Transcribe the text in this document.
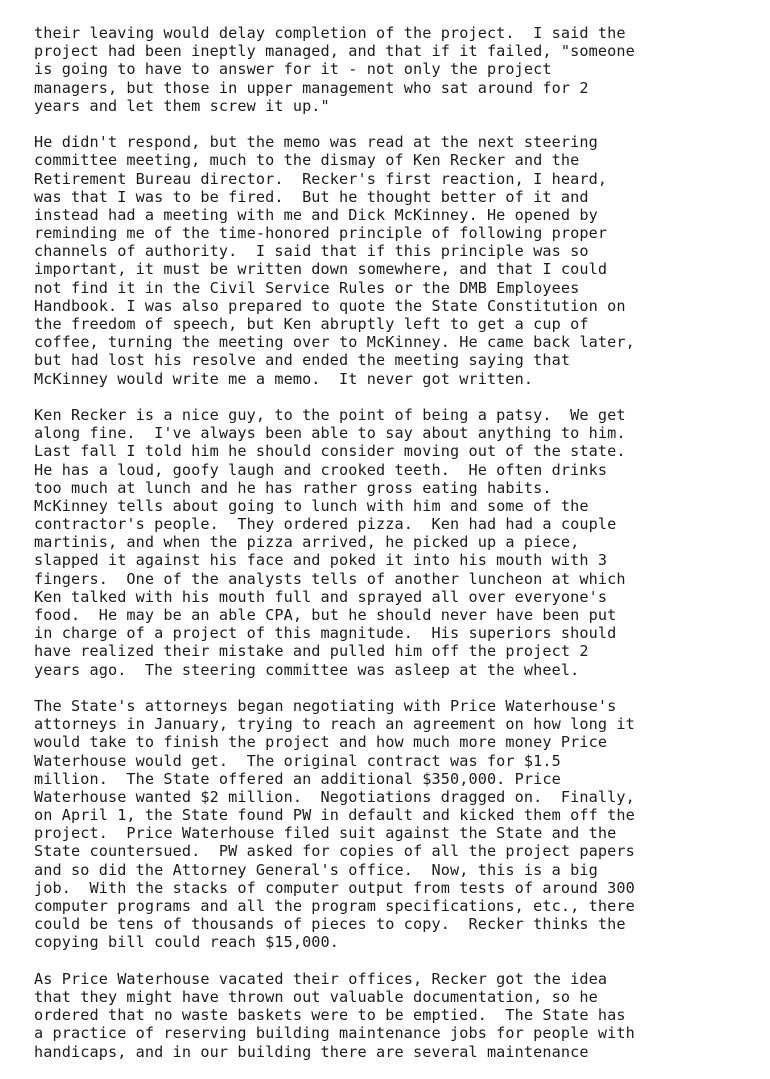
their leaving would delay completion of the project.  I said the
project had been ineptly managed, and that if it failed, "someone
is going to have to answer for it - not only the project
managers, but those in upper management who sat around for 2
years and let them screw it up."
He didn't respond, but the memo was read at the next steering
committee meeting, much to the dismay of Ken Recker and the
Retirement Bureau director.  Recker's first reaction, I heard,
was that I was to be fired.  But he thought better of it and
instead had a meeting with me and Dick McKinney. He opened by
reminding me of the time-honored principle of following proper
channels of authority.  I said that if this principle was so
important, it must be written down somewhere, and that I could
not find it in the Civil Service Rules or the DMB Employees
Handbook. I was also prepared to quote the State Constitution on
the freedom of speech, but Ken abruptly left to get a cup of
coffee, turning the meeting over to McKinney. He came back later,
but had lost his resolve and ended the meeting saying that
McKinney would write me a memo.  It never got written.
Ken Recker is a nice guy, to the point of being a patsy.  We get
along fine.  I've always been able to say about anything to him.
Last fall I told him he should consider moving out of the state.
He has a loud, goofy laugh and crooked teeth.  He often drinks
too much at lunch and he has rather gross eating habits.
McKinney tells about going to lunch with him and some of the
contractor's people.  They ordered pizza.  Ken had had a couple
martinis, and when the pizza arrived, he picked up a piece,
slapped it against his face and poked it into his mouth with 3
fingers.  One of the analysts tells of another luncheon at which
Ken talked with his mouth full and sprayed all over everyone's
food.  He may be an able CPA, but he should never have been put
in charge of a project of this magnitude.  His superiors should
have realized their mistake and pulled him off the project 2
years ago.  The steering committee was asleep at the wheel.
The State's attorneys began negotiating with Price Waterhouse's
attorneys in January, trying to reach an agreement on how long it
would take to finish the project and how much more money Price
Waterhouse would get.  The original contract was for $1.5
million.  The State offered an additional $350,000. Price
Waterhouse wanted $2 million.  Negotiations dragged on.  Finally,
on April 1, the State found PW in default and kicked them off the
project.  Price Waterhouse filed suit against the State and the
State countersued.  PW asked for copies of all the project papers
and so did the Attorney General's office.  Now, this is a big
job.  With the stacks of computer output from tests of around 300
computer programs and all the program specifications, etc., there
could be tens of thousands of pieces to copy.  Recker thinks the
copying bill could reach $15,000.
As Price Waterhouse vacated their offices, Recker got the idea
that they might have thrown out valuable documentation, so he
ordered that no waste baskets were to be emptied.  The State has
a practice of reserving building maintenance jobs for people with
handicaps, and in our building there are several maintenance
